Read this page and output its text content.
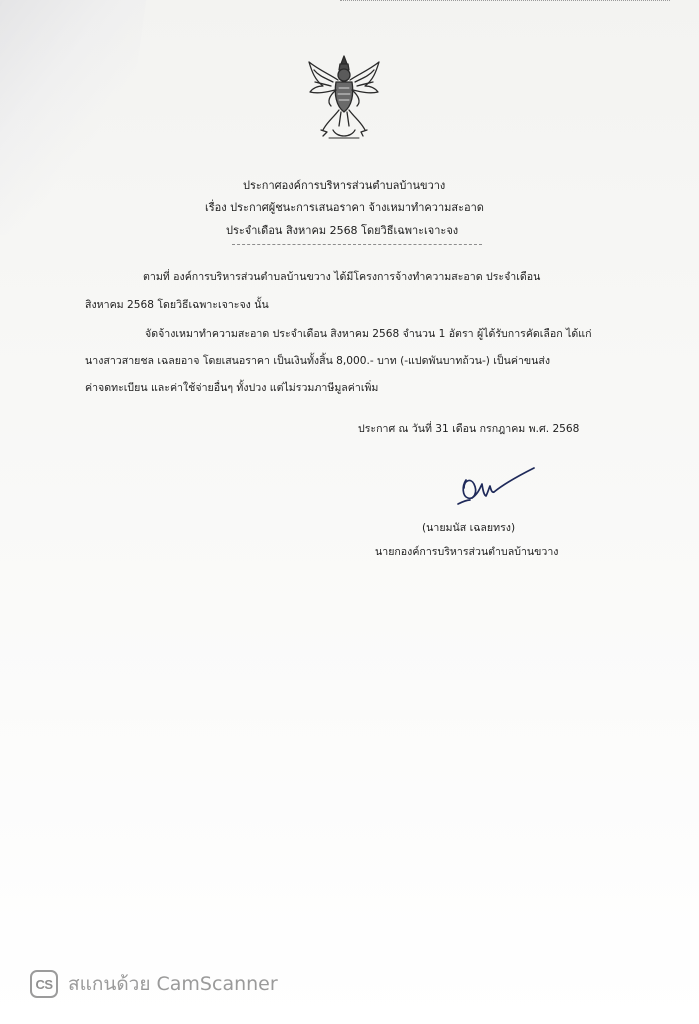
ประกาศองค์การบริหารส่วนตำบลบ้านขวาง
เรื่อง ประกาศผู้ชนะการเสนอราคา จ้างเหมาทำความสะอาด
ประจำเดือน สิงหาคม 2568 โดยวิธีเฉพาะเจาะจง
ตามที่ องค์การบริหารส่วนตำบลบ้านขวาง ได้มีโครงการจ้างทำความสะอาด ประจำเดือน
สิงหาคม 2568 โดยวิธีเฉพาะเจาะจง นั้น
จัดจ้างเหมาทำความสะอาด ประจำเดือน สิงหาคม 2568 จำนวน 1 อัตรา ผู้ได้รับการคัดเลือก ได้แก่
นางสาวสายชล เฉลยอาจ โดยเสนอราคา เป็นเงินทั้งสิ้น 8,000.- บาท (-แปดพันบาทถ้วน-) เป็นค่าขนส่ง
ค่าจดทะเบียน และค่าใช้จ่ายอื่นๆ ทั้งปวง แต่ไม่รวมภาษีมูลค่าเพิ่ม
ประกาศ ณ วันที่ 31 เดือน กรกฎาคม พ.ศ. 2568
(นายมนัส เฉลยทรง)
นายกองค์การบริหารส่วนตำบลบ้านขวาง
CS สแกนด้วย CamScanner
